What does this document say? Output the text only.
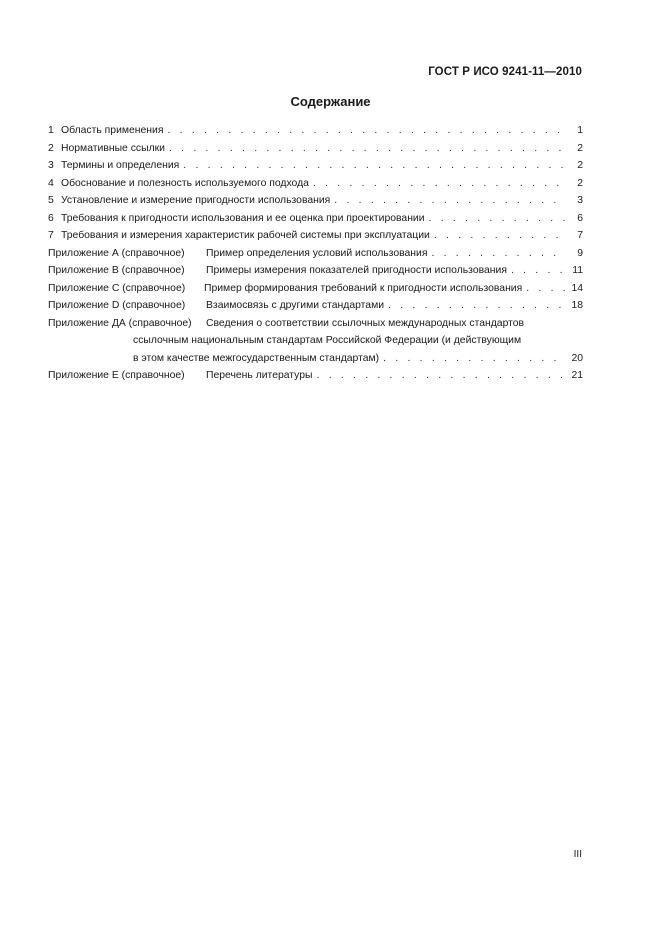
ГОСТ Р ИСО 9241-11—2010
Содержание
1 Область применения . . .	1
2 Нормативные ссылки . . .	2
3 Термины и определения . . .	2
4 Обоснование и полезность используемого подхода . . .	2
5 Установление и измерение пригодности использования . . .	3
6 Требования к пригодности использования и ее оценка при проектировании . . .	6
7 Требования и измерения характеристик рабочей системы при эксплуатации . . .	7
Приложение А (справочное) Пример определения условий использования . . .	9
Приложение В (справочное) Примеры измерения показателей пригодности использования . . .	11
Приложение С (справочное) Пример формирования требований к пригодности использования . . .	14
Приложение D (справочное) Взаимосвязь с другими стандартами . . .	18
Приложение ДА (справочное) Сведения о соответствии ссылочных международных стандартов
ссылочным национальным стандартам Российской Федерации (и действующим
в этом качестве межгосударственным стандартам) . . .	20
Приложение Е (справочное) Перечень литературы . . .	21
III
